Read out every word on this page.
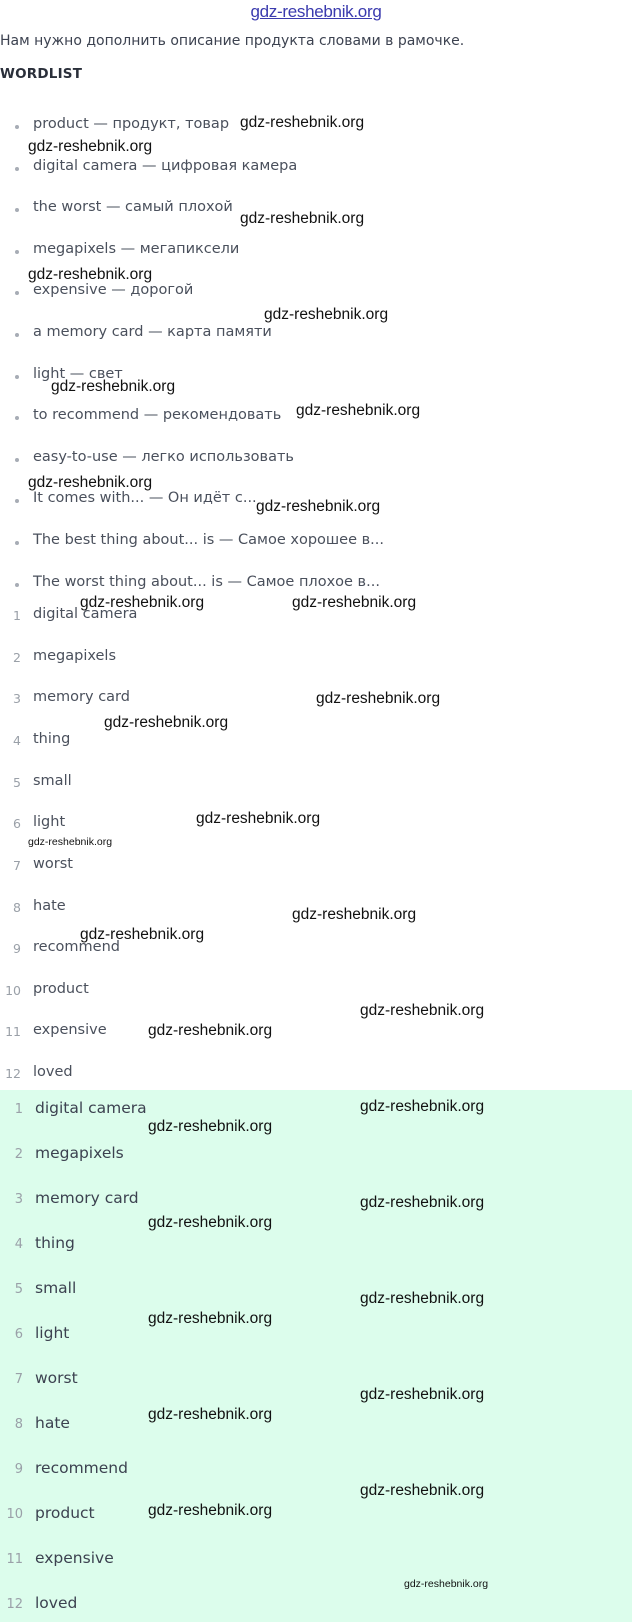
gdz-reshebnik.org
Нам нужно дополнить описание продукта словами в рамочке.
WORDLIST
product — продукт, товар
digital camera — цифровая камера
the worst — самый плохой
megapixels — мегапиксели
expensive — дорогой
a memory card — карта памяти
light — свет
to recommend — рекомендовать
easy-to-use — легко использовать
It comes with... — Он идёт с...
The best thing about... is — Самое хорошее в...
The worst thing about... is — Самое плохое в...
1 digital camera
2 megapixels
3 memory card
4 thing
5 small
6 light
7 worst
8 hate
9 recommend
10 product
11 expensive
12 loved
1 digital camera
2 megapixels
3 memory card
4 thing
5 small
6 light
7 worst
8 hate
9 recommend
10 product
11 expensive
12 loved
gdz-reshebnik.org
gdz-reshebnik.org
gdz-reshebnik.org
gdz-reshebnik.org
gdz-reshebnik.org
gdz-reshebnik.org
gdz-reshebnik.org
gdz-reshebnik.org
gdz-reshebnik.org
gdz-reshebnik.org	gdz-reshebnik.org
gdz-reshebnik.org
gdz-reshebnik.org
gdz-reshebnik.org
gdz-reshebnik.org
gdz-reshebnik.org
gdz-reshebnik.org
gdz-reshebnik.org
gdz-reshebnik.org
gdz-reshebnik.org
gdz-reshebnik.org
gdz-reshebnik.org
gdz-reshebnik.org
gdz-reshebnik.org
gdz-reshebnik.org
gdz-reshebnik.org
gdz-reshebnik.org
gdz-reshebnik.org
gdz-reshebnik.org
gdz-reshebnik.org
